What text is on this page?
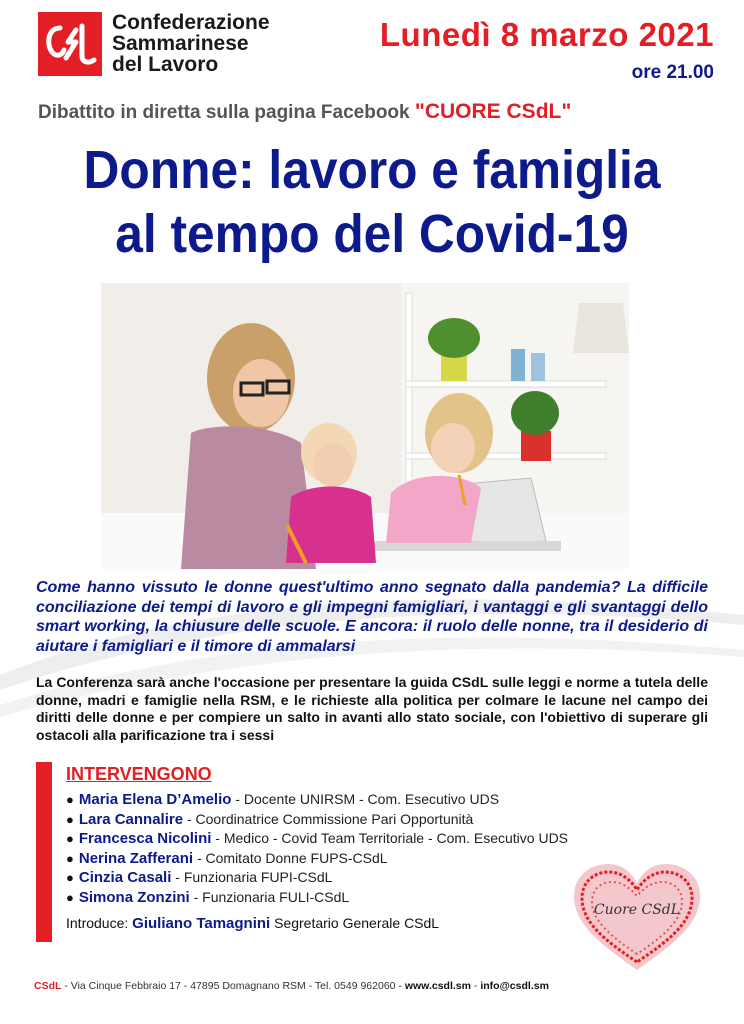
Confederazione
Sammarinese
del Lavoro
Lunedì 8 marzo 2021
ore 21.00
Dibattito in diretta sulla pagina Facebook "CUORE CSdL"
Donne: lavoro e famiglia
al tempo del Covid-19
Come hanno vissuto le donne quest'ultimo anno segnato dalla pandemia? La difficile conciliazione dei tempi di lavoro e gli impegni famigliari, i vantaggi e gli svantaggi dello smart working, la chiusure delle scuole. E ancora: il ruolo delle nonne, tra il desiderio di aiutare i famigliari e il timore di ammalarsi
La Conferenza sarà anche l'occasione per presentare la guida CSdL sulle leggi e norme a tutela delle donne, madri e famiglie nella RSM, e le richieste alla politica per colmare le lacune nel campo dei diritti delle donne e per compiere un salto in avanti allo stato sociale, con l'obiettivo di superare gli ostacoli alla parificazione tra i sessi
INTERVENGONO
● Maria Elena D’Amelio - Docente UNIRSM - Com. Esecutivo UDS
● Lara Cannalire - Coordinatrice Commissione Pari Opportunità
● Francesca Nicolini - Medico - Covid Team Territoriale - Com. Esecutivo UDS
● Nerina Zafferani - Comitato Donne FUPS-CSdL
● Cinzia Casali - Funzionaria FUPI-CSdL
● Simona Zonzini - Funzionaria FULI-CSdL
Introduce: Giuliano Tamagnini Segretario Generale CSdL
Cuore CSdL
CSdL - Via Cinque Febbraio 17 - 47895 Domagnano RSM - Tel. 0549 962060 - www.csdl.sm - info@csdl.sm
